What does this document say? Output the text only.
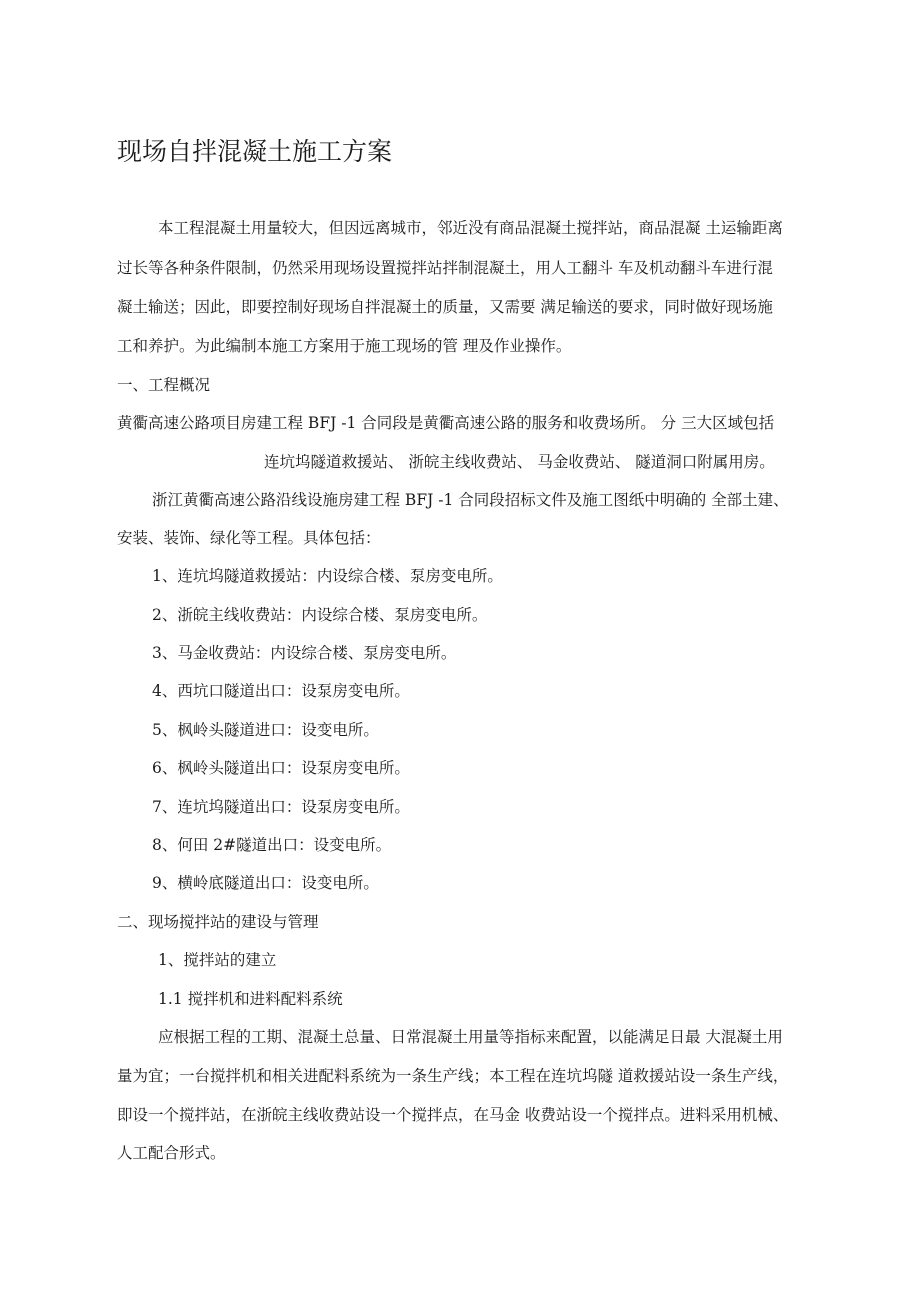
现场自拌混凝土施工方案
本工程混凝土用量较大，但因远离城市，邻近没有商品混凝土搅拌站，商品混凝 土运输距离
过长等各种条件限制，仍然采用现场设置搅拌站拌制混凝土，用人工翻斗 车及机动翻斗车进行混
凝土输送；因此，即要控制好现场自拌混凝土的质量，又需要 满足输送的要求，同时做好现场施
工和养护。为此编制本施工方案用于施工现场的管 理及作业操作。
一、工程概况
黄衢高速公路项目房建工程 BFJ -1 合同段是黄衢高速公路的服务和收费场所。 分 三大区域包括
连坑坞隧道救援站、 浙皖主线收费站、 马金收费站、 隧道洞口附属用房。
浙江黄衢高速公路沿线设施房建工程 BFJ -1 合同段招标文件及施工图纸中明确的 全部土建、
安装、装饰、绿化等工程。具体包括：
1、连坑坞隧道救援站：内设综合楼、泵房变电所。
2、浙皖主线收费站：内设综合楼、泵房变电所。
3、马金收费站：内设综合楼、泵房变电所。
4、西坑口隧道出口：设泵房变电所。
5、枫岭头隧道进口：设变电所。
6、枫岭头隧道出口：设泵房变电所。
7、连坑坞隧道出口：设泵房变电所。
8、何田 2#隧道出口：设变电所。
9、横岭底隧道出口：设变电所。
二、现场搅拌站的建设与管理
1、搅拌站的建立
1.1 搅拌机和进料配料系统
应根据工程的工期、混凝土总量、日常混凝土用量等指标来配置，以能满足日最 大混凝土用
量为宜；一台搅拌机和相关进配料系统为一条生产线；本工程在连坑坞隧 道救援站设一条生产线，
即设一个搅拌站，在浙皖主线收费站设一个搅拌点，在马金 收费站设一个搅拌点。进料采用机械、
人工配合形式。
